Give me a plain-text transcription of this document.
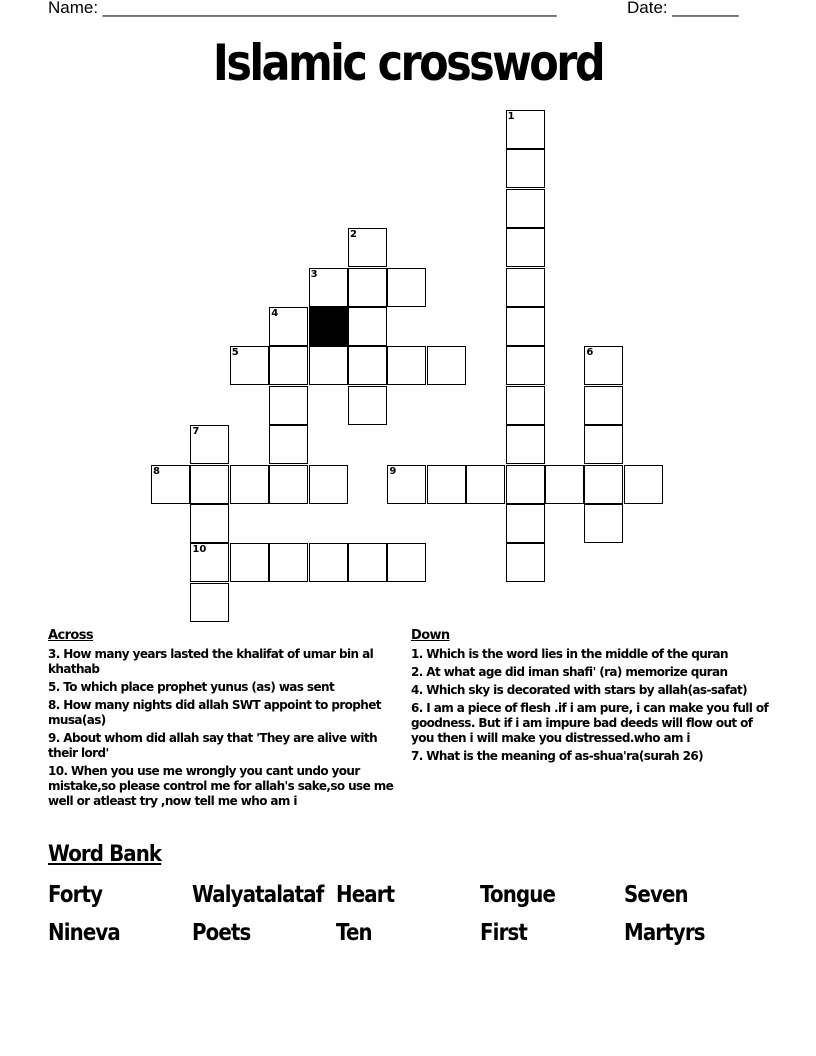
Name: ________________________________________________	Date: _______
Islamic crossword
1
2
3
4
5	6
7
8	9
10
Across
3. How many years lasted the khalifat of umar bin al khathab
5. To which place prophet yunus (as) was sent
8. How many nights did allah SWT appoint to prophet musa(as)
9. About whom did allah say that 'They are alive with their lord'
10. When you use me wrongly you cant undo your mistake,so please control me for allah's sake,so use me well or atleast try ,now tell me who am i
Down
1. Which is the word lies in the middle of the quran
2. At what age did iman shafi' (ra) memorize quran
4. Which sky is decorated with stars by allah(as-safat)
6. I am a piece of flesh .if i am pure, i can make you full of goodness. But if i am impure bad deeds will flow out of you then i will make you distressed.who am i
7. What is the meaning of as-shua'ra(surah 26)
Word Bank
Forty	Walyatalataf Heart	Tongue	Seven
Nineva	Poets	Ten	First	Martyrs
